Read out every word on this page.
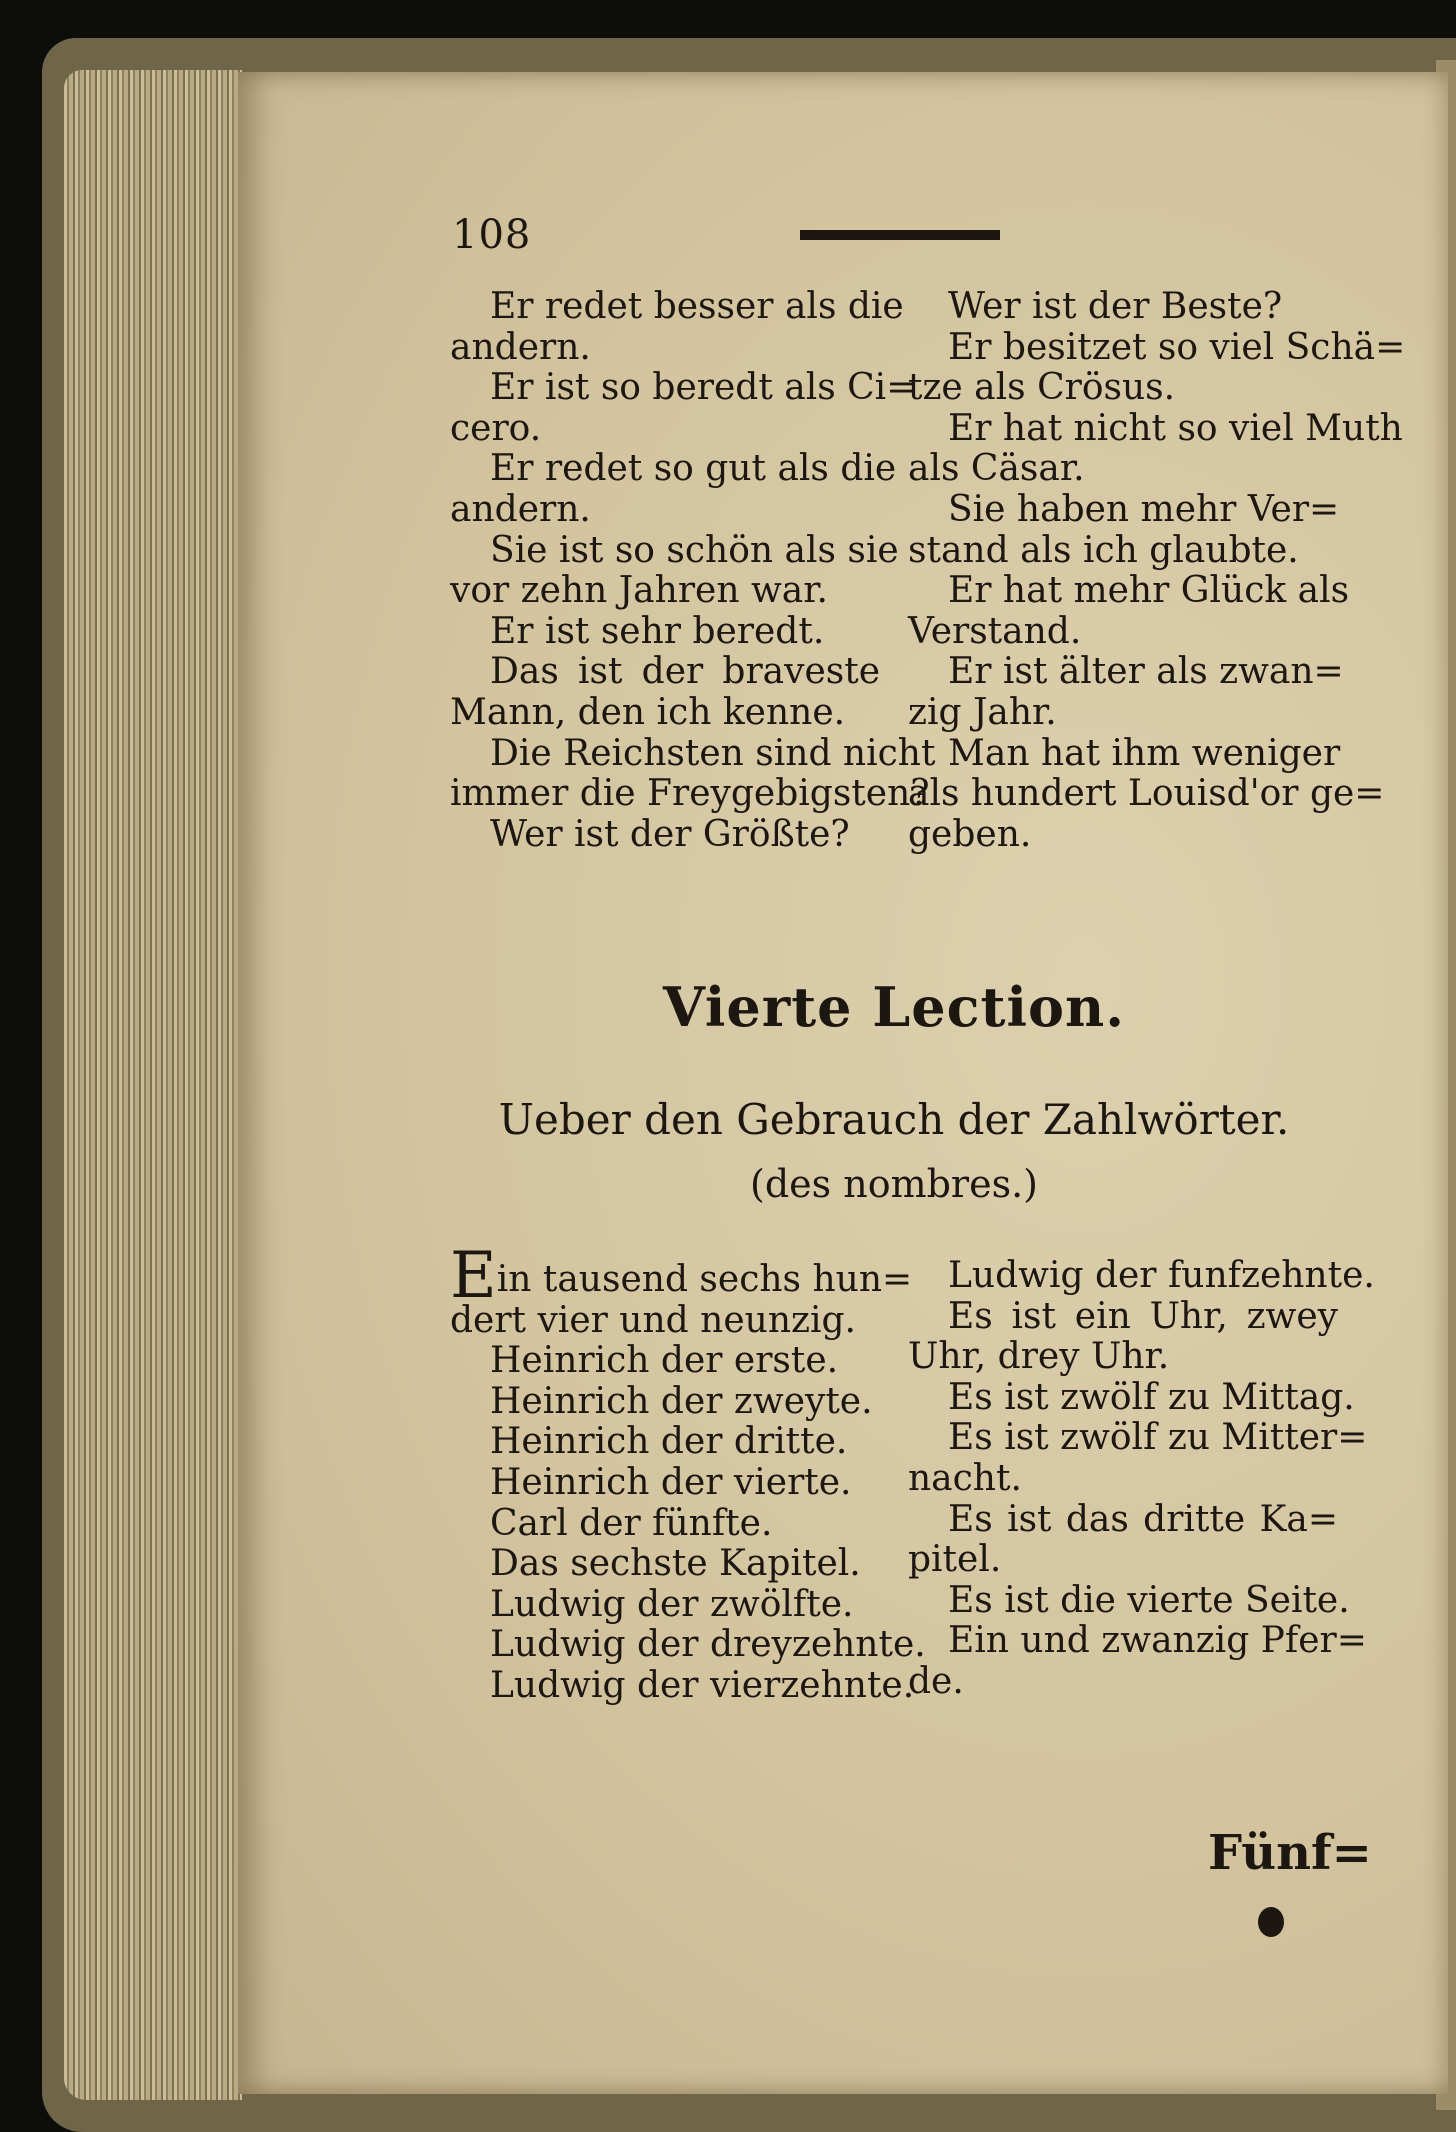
108
Er redet besser als die
andern.
Er ist so beredt als Ci=
cero.
Er redet so gut als die
andern.
Sie ist so schön als sie
vor zehn Jahren war.
Er ist sehr beredt.
Das ist der braveste
Mann, den ich kenne.
Die Reichsten sind nicht
immer die Freygebigsten?
Wer ist der Größte?
Wer ist der Beste?
Er besitzet so viel Schä=
tze als Crösus.
Er hat nicht so viel Muth
als Cäsar.
Sie haben mehr Ver=
stand als ich glaubte.
Er hat mehr Glück als
Verstand.
Er ist älter als zwan=
zig Jahr.
Man hat ihm weniger
als hundert Louisd'or ge=
geben.
Vierte Lection.
Ueber den Gebrauch der Zahlwörter.
(des nombres.)
Ein tausend sechs hun=
dert vier und neunzig.
Heinrich der erste.
Heinrich der zweyte.
Heinrich der dritte.
Heinrich der vierte.
Carl der fünfte.
Das sechste Kapitel.
Ludwig der zwölfte.
Ludwig der dreyzehnte.
Ludwig der vierzehnte.
Ludwig der funfzehnte.
Es ist ein Uhr, zwey
Uhr, drey Uhr.
Es ist zwölf zu Mittag.
Es ist zwölf zu Mitter=
nacht.
Es ist das dritte Ka=
pitel.
Es ist die vierte Seite.
Ein und zwanzig Pfer=
de.
Fünf=
